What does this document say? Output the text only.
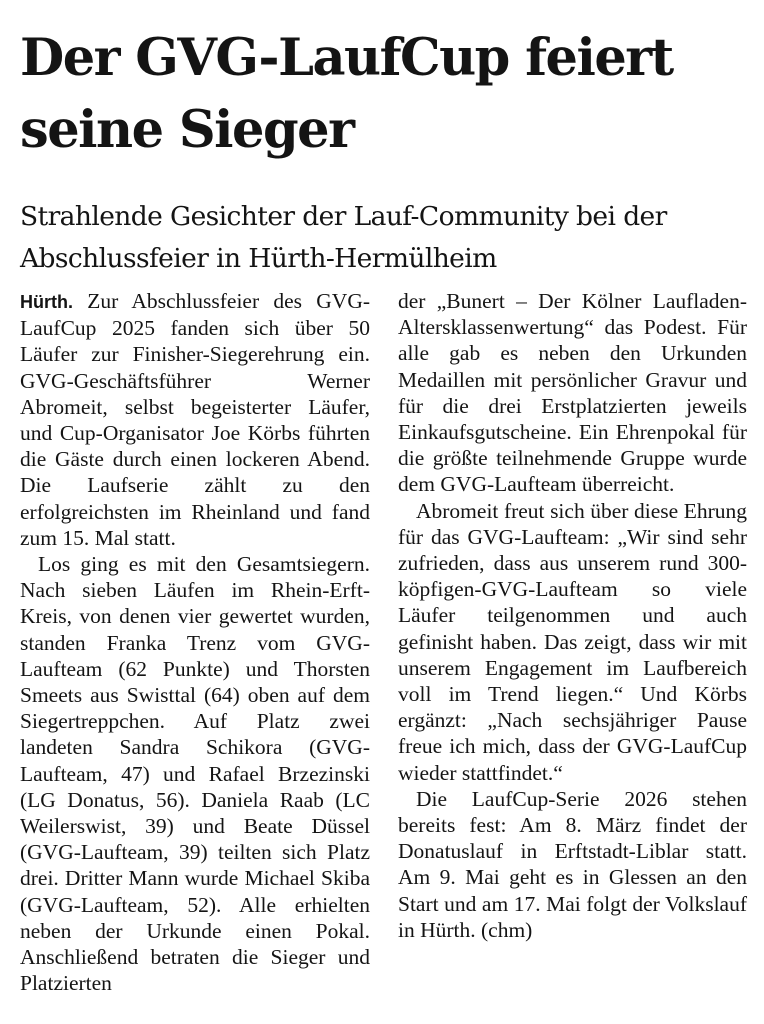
Der GVG-LaufCup feiert seine Sieger
Strahlende Gesichter der Lauf-Community bei der Abschlussfeier in Hürth-Hermülheim

Hürth. Zur Abschlussfeier des GVG-LaufCup 2025 fanden sich über 50 Läufer zur Finisher-Siegerehrung ein. GVG-Geschäftsführer Werner Abromeit, selbst begeisterter Läufer, und Cup-Organisator Joe Körbs führten die Gäste durch einen lockeren Abend. Die Laufserie zählt zu den erfolgreichsten im Rheinland und fand zum 15. Mal statt.

Los ging es mit den Gesamtsiegern. Nach sieben Läufen im Rhein-Erft-Kreis, von denen vier gewertet wurden, standen Franka Trenz vom GVG-Laufteam (62 Punkte) und Thorsten Smeets aus Swisttal (64) oben auf dem Siegertreppchen. Auf Platz zwei landeten Sandra Schikora (GVG-Laufteam, 47) und Rafael Brzezinski (LG Donatus, 56). Daniela Raab (LC Weilerswist, 39) und Beate Düssel (GVG-Laufteam, 39) teilten sich Platz drei. Dritter Mann wurde Michael Skiba (GVG-Laufteam, 52). Alle erhielten neben der Urkunde einen Pokal. Anschließend betraten die Sieger und Platzierten

der „Bunert – Der Kölner Laufladen-Altersklassenwertung“ das Podest. Für alle gab es neben den Urkunden Medaillen mit persönlicher Gravur und für die drei Erstplatzierten jeweils Einkaufsgutscheine. Ein Ehrenpokal für die größte teilnehmende Gruppe wurde dem GVG-Laufteam überreicht.

Abromeit freut sich über diese Ehrung für das GVG-Laufteam: „Wir sind sehr zufrieden, dass aus unserem rund 300-köpfigen-GVG-Laufteam so viele Läufer teilgenommen und auch gefinisht haben. Das zeigt, dass wir mit unserem Engagement im Laufbereich voll im Trend liegen.“ Und Körbs ergänzt: „Nach sechsjähriger Pause freue ich mich, dass der GVG-LaufCup wieder stattfindet.“

Die LaufCup-Serie 2026 stehen bereits fest: Am 8. März findet der Donatuslauf in Erftstadt-Liblar statt. Am 9. Mai geht es in Glessen an den Start und am 17. Mai folgt der Volkslauf in Hürth. (chm)
